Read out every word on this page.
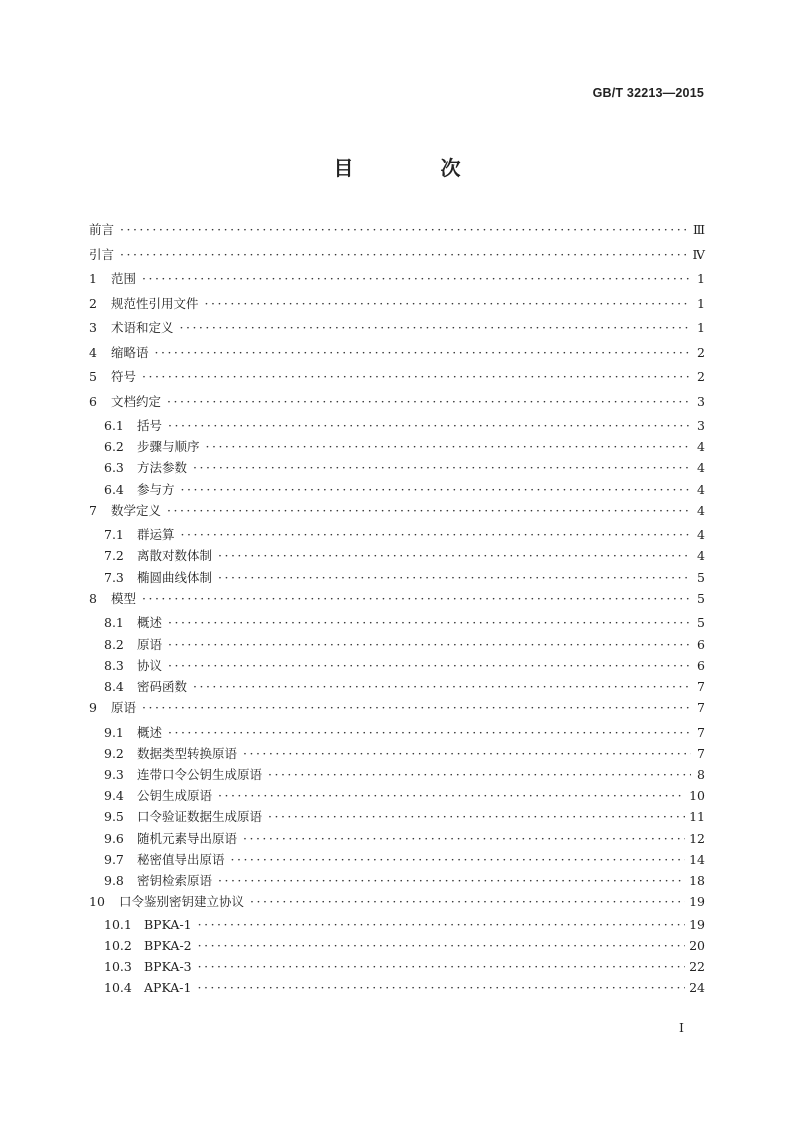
GB/T 32213—2015
目 次
前言 ·····	Ⅲ
引言 ·····	Ⅳ
1	范围 ·····	1
2	规范性引用文件 ·····	1
3	术语和定义 ·····	1
4	缩略语 ·····	2
5	符号 ·····	2
6	文档约定 ·····	3
6.1	括号 ·····	3
6.2	步骤与顺序 ·····	4
6.3	方法参数 ·····	4
6.4	参与方 ·····	4
7	数学定义 ·····	4
7.1	群运算 ·····	4
7.2	离散对数体制 ·····	4
7.3	椭圆曲线体制 ·····	5
8	模型 ·····	5
8.1	概述 ·····	5
8.2	原语 ·····	6
8.3	协议 ·····	6
8.4	密码函数 ·····	7
9	原语 ·····	7
9.1	概述 ·····	7
9.2	数据类型转换原语 ·····	7
9.3	连带口令公钥生成原语 ·····	8
9.4	公钥生成原语 ·····	10
9.5	口令验证数据生成原语 ·····	11
9.6	随机元素导出原语 ·····	12
9.7	秘密值导出原语 ·····	14
9.8	密钥检索原语 ·····	18
10	口令鉴别密钥建立协议 ·····	19
10.1 BPKA-1 ·····	19
10.2 BPKA-2 ·····	20
10.3 BPKA-3 ·····	22
10.4 APKA-1 ·····	24
I
